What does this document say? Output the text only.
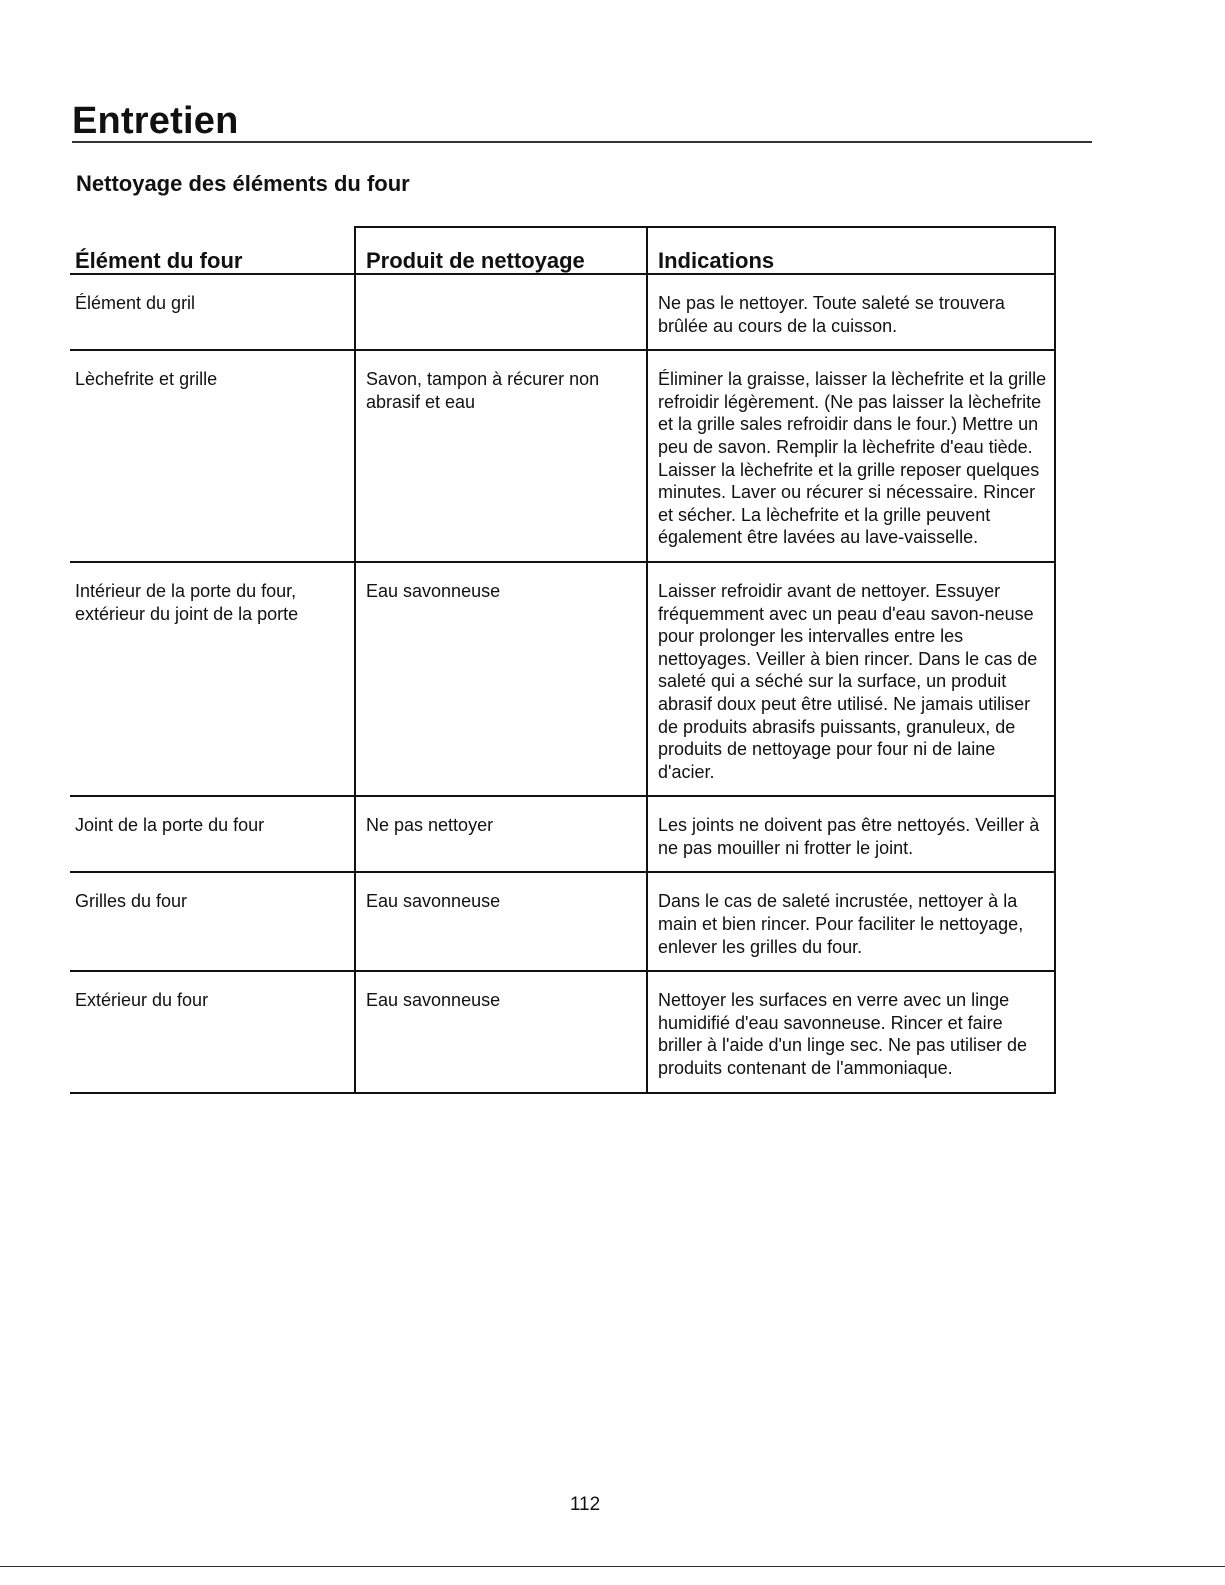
Entretien
Nettoyage des éléments du four
Élément du four	Produit de nettoyage	Indications
Élément du gril		Ne pas le nettoyer. Toute saleté se trouvera brûlée au cours de la cuisson.
Lèchefrite et grille	Savon, tampon à récurer non abrasif et eau	Éliminer la graisse, laisser la lèchefrite et la grille refroidir légèrement. (Ne pas laisser la lèchefrite et la grille sales refroidir dans le four.) Mettre un peu de savon. Remplir la lèchefrite d'eau tiède. Laisser la lèchefrite et la grille reposer quelques minutes. Laver ou récurer si nécessaire. Rincer et sécher. La lèchefrite et la grille peuvent également être lavées au lave-vaisselle.
Intérieur de la porte du four, extérieur du joint de la porte	Eau savonneuse	Laisser refroidir avant de nettoyer. Essuyer fréquemment avec un peau d'eau savon-neuse pour prolonger les intervalles entre les nettoyages. Veiller à bien rincer. Dans le cas de saleté qui a séché sur la surface, un produit abrasif doux peut être utilisé. Ne jamais utiliser de produits abrasifs puissants, granuleux, de produits de nettoyage pour four ni de laine d'acier.
Joint de la porte du four	Ne pas nettoyer	Les joints ne doivent pas être nettoyés. Veiller à ne pas mouiller ni frotter le joint.
Grilles du four	Eau savonneuse	Dans le cas de saleté incrustée, nettoyer à la main et bien rincer. Pour faciliter le nettoyage, enlever les grilles du four.
Extérieur du four	Eau savonneuse	Nettoyer les surfaces en verre avec un linge humidifié d'eau savonneuse. Rincer et faire briller à l'aide d'un linge sec. Ne pas utiliser de produits contenant de l'ammoniaque.
112
